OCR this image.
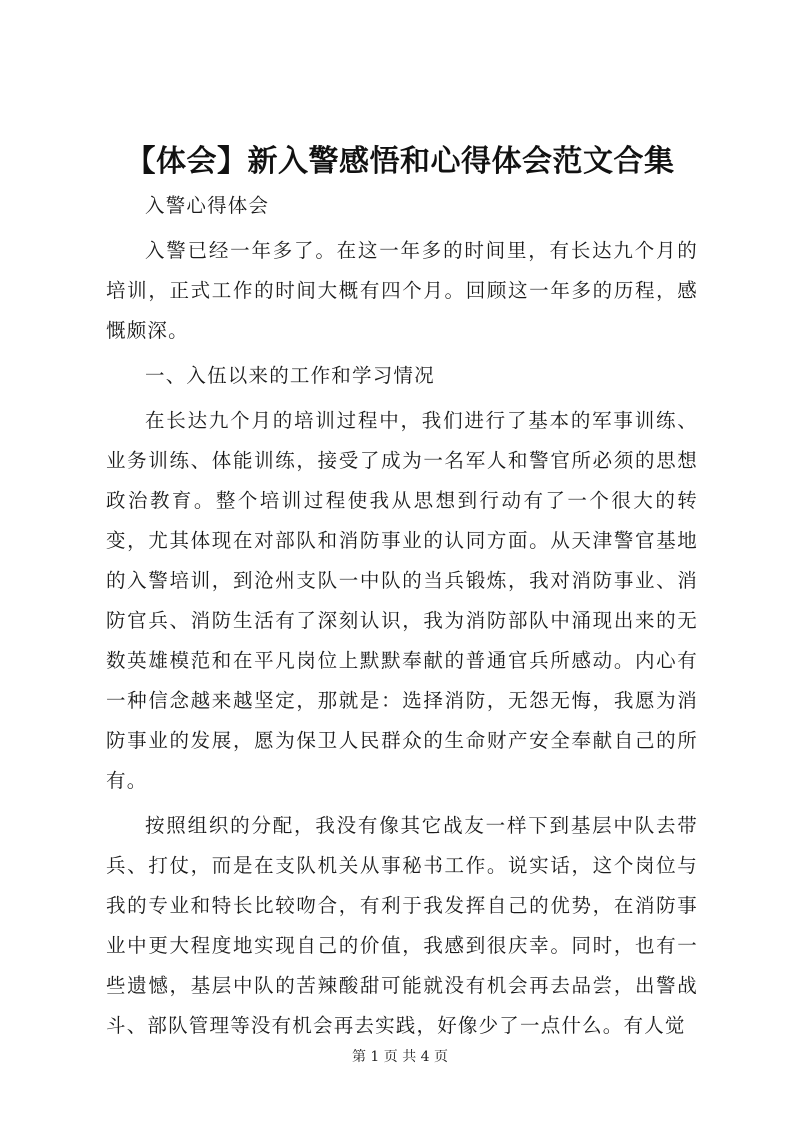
【体会】新入警感悟和心得体会范文合集

入警心得体会

入警已经一年多了。在这一年多的时间里，有长达九个月的培训，正式工作的时间大概有四个月。回顾这一年多的历程，感慨颇深。

一、入伍以来的工作和学习情况

在长达九个月的培训过程中，我们进行了基本的军事训练、业务训练、体能训练，接受了成为一名军人和警官所必须的思想政治教育。整个培训过程使我从思想到行动有了一个很大的转变，尤其体现在对部队和消防事业的认同方面。从天津警官基地的入警培训，到沧州支队一中队的当兵锻炼，我对消防事业、消防官兵、消防生活有了深刻认识，我为消防部队中涌现出来的无数英雄模范和在平凡岗位上默默奉献的普通官兵所感动。内心有一种信念越来越坚定，那就是：选择消防，无怨无悔，我愿为消防事业的发展，愿为保卫人民群众的生命财产安全奉献自己的所有。

按照组织的分配，我没有像其它战友一样下到基层中队去带兵、打仗，而是在支队机关从事秘书工作。说实话，这个岗位与我的专业和特长比较吻合，有利于我发挥自己的优势，在消防事业中更大程度地实现自己的价值，我感到很庆幸。同时，也有一些遗憾，基层中队的苦辣酸甜可能就没有机会再去品尝，出警战斗、部队管理等没有机会再去实践，好像少了一点什么。有人觉

第 1 页 共 4 页
